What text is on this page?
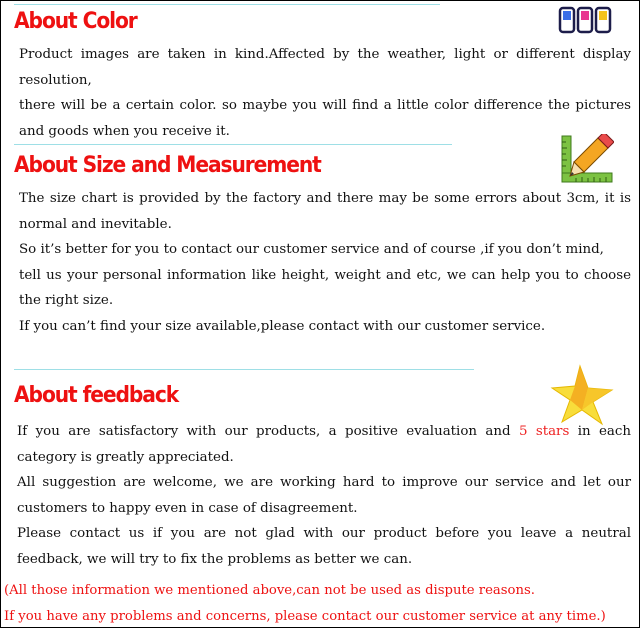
About Color

Product images are taken in kind.Affected by the weather, light or different display resolution,

there will be a certain color. so maybe you will find a little color difference the pictures and goods when you receive it.

About Size and Measurement

The size chart is provided by the factory and there may be some errors about 3cm, it is normal and inevitable.

So it’s better for you to contact our customer service and of course ,if you don’t mind,

tell us your personal information like height, weight and etc, we can help you to choose the right size.

If you can’t find your size available,please contact with our customer service.

About feedback

If you are satisfactory with our products, a positive evaluation and 5 stars in each category is greatly appreciated.

All suggestion are welcome, we are working hard to improve our service and let our customers to happy even in case of disagreement.

Please contact us if you are not glad with our product before you leave a neutral feedback, we will try to fix the problems as better we can.

(All those information we mentioned above,can not be used as dispute reasons.
If you have any problems and concerns, please contact our customer service at any time.)
